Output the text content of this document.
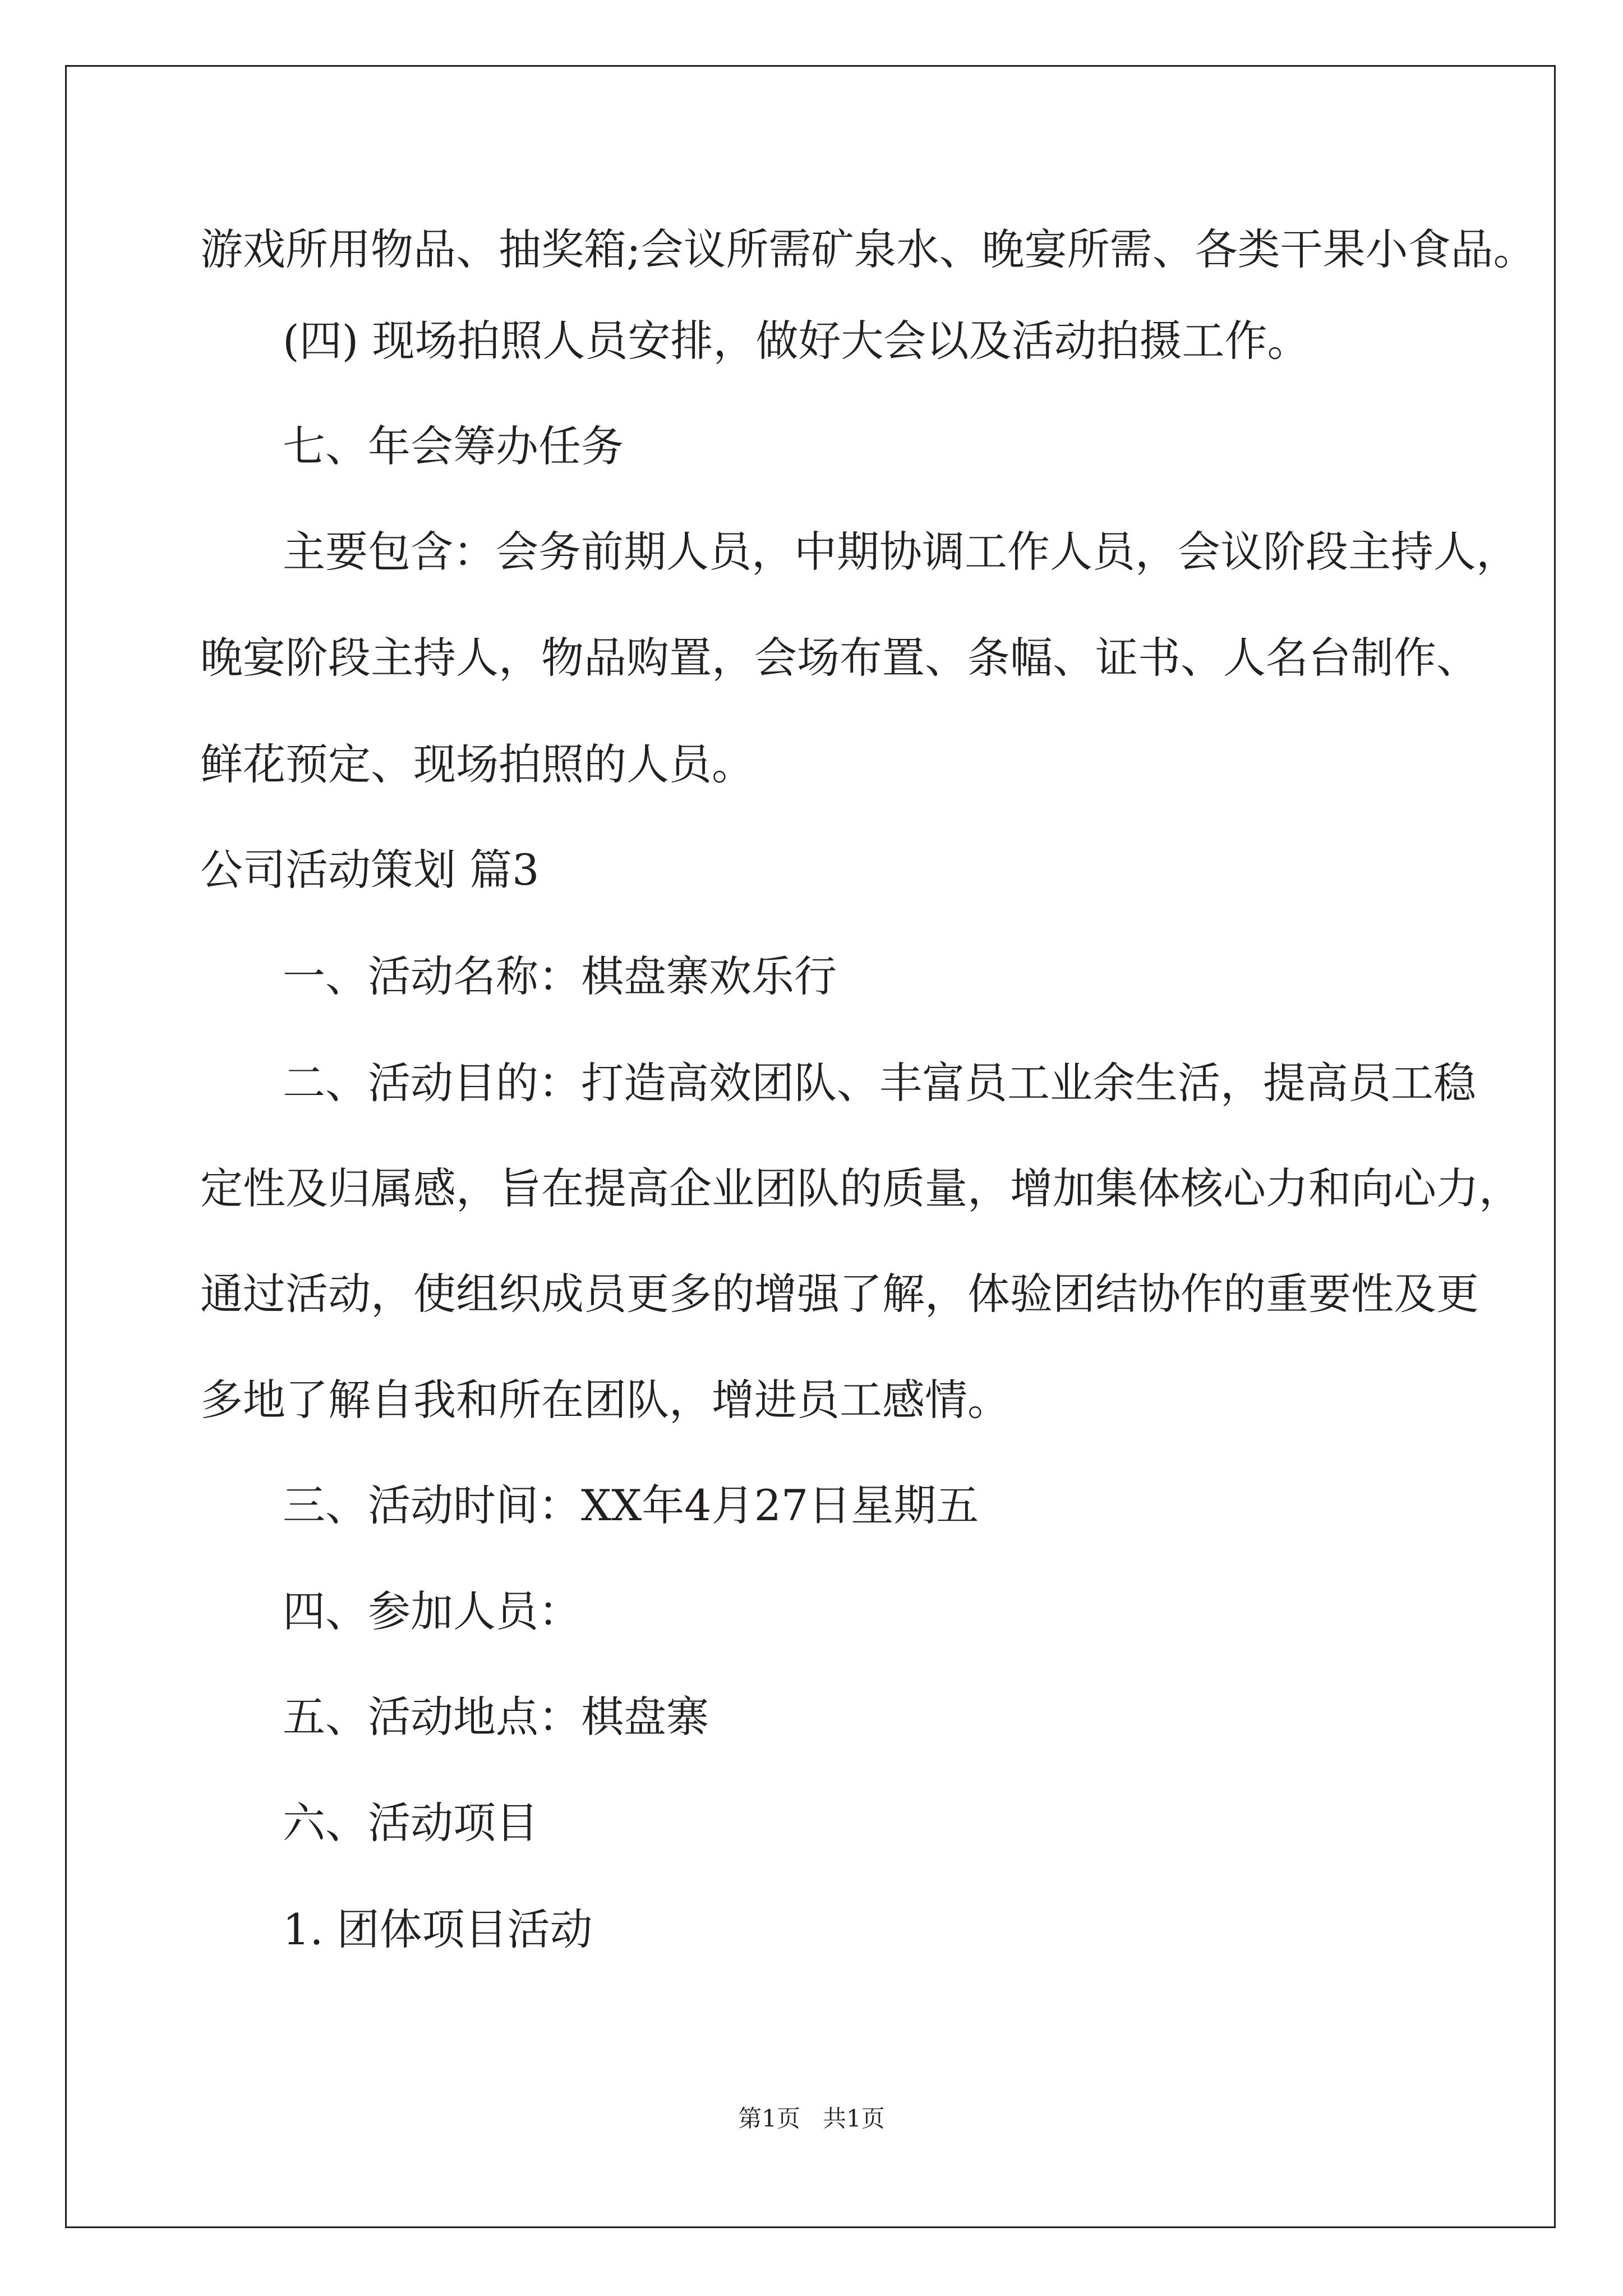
游戏所用物品、抽奖箱;会议所需矿泉水、晚宴所需、各类干果小食品。

(四) 现场拍照人员安排，做好大会以及活动拍摄工作。

七、年会筹办任务

主要包含：会务前期人员，中期协调工作人员，会议阶段主持人，

晚宴阶段主持人，物品购置，会场布置、条幅、证书、人名台制作、

鲜花预定、现场拍照的人员。

公司活动策划 篇3

一、活动名称：棋盘寨欢乐行

二、活动目的：打造高效团队、丰富员工业余生活，提高员工稳

定性及归属感，旨在提高企业团队的质量，增加集体核心力和向心力，

通过活动，使组织成员更多的增强了解，体验团结协作的重要性及更

多地了解自我和所在团队，增进员工感情。

三、活动时间：XX年4月27日星期五

四、参加人员：

五、活动地点：棋盘寨

六、活动项目

1. 团体项目活动

第1页   共1页
